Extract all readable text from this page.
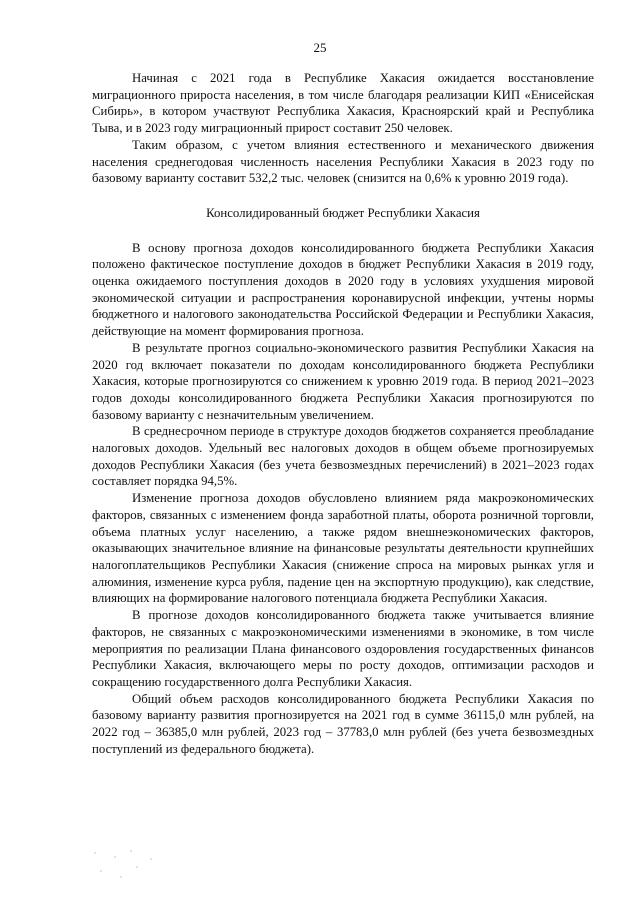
25

Начиная с 2021 года в Республике Хакасия ожидается восстановление миграционного прироста населения, в том числе благодаря реализации КИП «Енисейская Сибирь», в котором участвуют Республика Хакасия, Красноярский край и Республика Тыва, и в 2023 году миграционный прирост составит 250 человек.

Таким образом, с учетом влияния естественного и механического движения населения среднегодовая численность населения Республики Хакасия в 2023 году по базовому варианту составит 532,2 тыс. человек (снизится на 0,6% к уровню 2019 года).

Консолидированный бюджет Республики Хакасия

В основу прогноза доходов консолидированного бюджета Республики Хакасия положено фактическое поступление доходов в бюджет Республики Хакасия в 2019 году, оценка ожидаемого поступления доходов в 2020 году в условиях ухудшения мировой экономической ситуации и распространения коронавирусной инфекции, учтены нормы бюджетного и налогового законодательства Российской Федерации и Республики Хакасия, действующие на момент формирования прогноза.

В результате прогноз социально-экономического развития Республики Хакасия на 2020 год включает показатели по доходам консолидированного бюджета Республики Хакасия, которые прогнозируются со снижением к уровню 2019 года. В период 2021–2023 годов доходы консолидированного бюджета Республики Хакасия прогнозируются по базовому варианту с незначительным увеличением.

В среднесрочном периоде в структуре доходов бюджетов сохраняется преобладание налоговых доходов. Удельный вес налоговых доходов в общем объеме прогнозируемых доходов Республики Хакасия (без учета безвозмездных перечислений) в 2021–2023 годах составляет порядка 94,5%.

Изменение прогноза доходов обусловлено влиянием ряда макроэкономических факторов, связанных с изменением фонда заработной платы, оборота розничной торговли, объема платных услуг населению, а также рядом внешнеэкономических факторов, оказывающих значительное влияние на финансовые результаты деятельности крупнейших налогоплательщиков Республики Хакасия (снижение спроса на мировых рынках угля и алюминия, изменение курса рубля, падение цен на экспортную продукцию), как следствие, влияющих на формирование налогового потенциала бюджета Республики Хакасия.

В прогнозе доходов консолидированного бюджета также учитывается влияние факторов, не связанных с макроэкономическими изменениями в экономике, в том числе мероприятия по реализации Плана финансового оздоровления государственных финансов Республики Хакасия, включающего меры по росту доходов, оптимизации расходов и сокращению государственного долга Республики Хакасия.

Общий объем расходов консолидированного бюджета Республики Хакасия по базовому варианту развития прогнозируется на 2021 год в сумме 36115,0 млн рублей, на 2022 год – 36385,0 млн рублей, 2023 год – 37783,0 млн рублей (без учета безвозмездных поступлений из федерального бюджета).
